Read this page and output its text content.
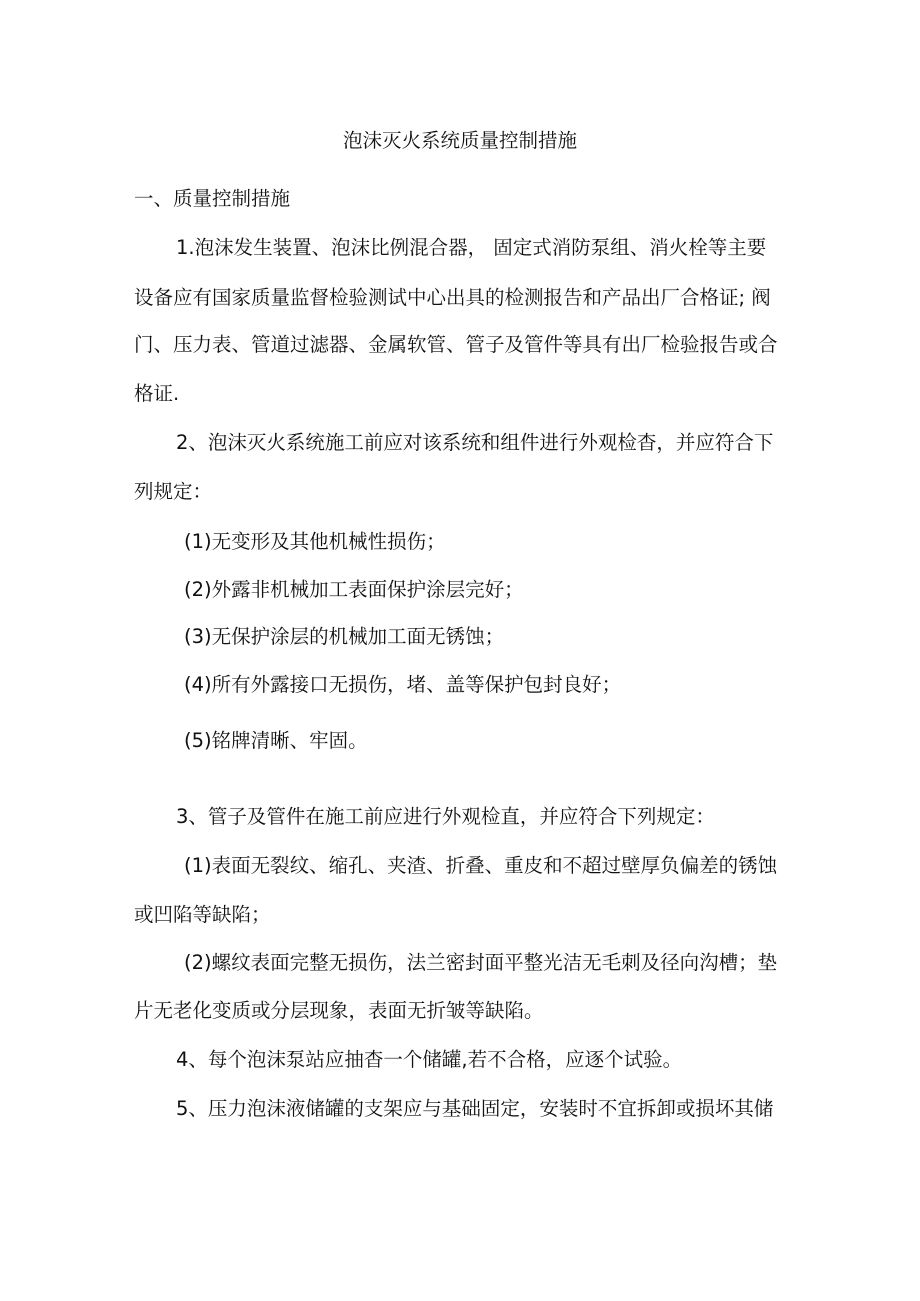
泡沫灭火系统质量控制措施
一、质量控制措施
1.泡沫发生装置、泡沫比例混合器， 固定式消防泵组、消火栓等主要
设备应有国家质量监督检验测试中心出具的检测报告和产品出厂合格证; 阀
门、压力表、管道过滤器、金属软管、管子及管件等具有出厂检验报告或合
格证.
2、泡沫灭火系统施工前应对该系统和组件进行外观检杳，并应符合下
列规定：
(1)无变形及其他机械性损伤；
(2)外露非机械加工表面保护涂层完好；
(3)无保护涂层的机械加工面无锈蚀；
(4)所有外露接口无损伤，堵、盖等保护包封良好；
(5)铭牌清晰、牢固。
3、管子及管件在施工前应进行外观检直，并应符合下列规定：
(1)表面无裂纹、缩孔、夹渣、折叠、重皮和不超过壁厚负偏差的锈蚀
或凹陷等缺陷；
(2)螺纹表面完整无损伤，法兰密封面平整光洁无毛刺及径向沟槽；垫
片无老化变质或分层现象，表面无折皱等缺陷。
4、每个泡沫泵站应抽杳一个储罐,若不合格，应逐个试验。
5、压力泡沫液储罐的支架应与基础固定，安装时不宜拆卸或损坏其储
